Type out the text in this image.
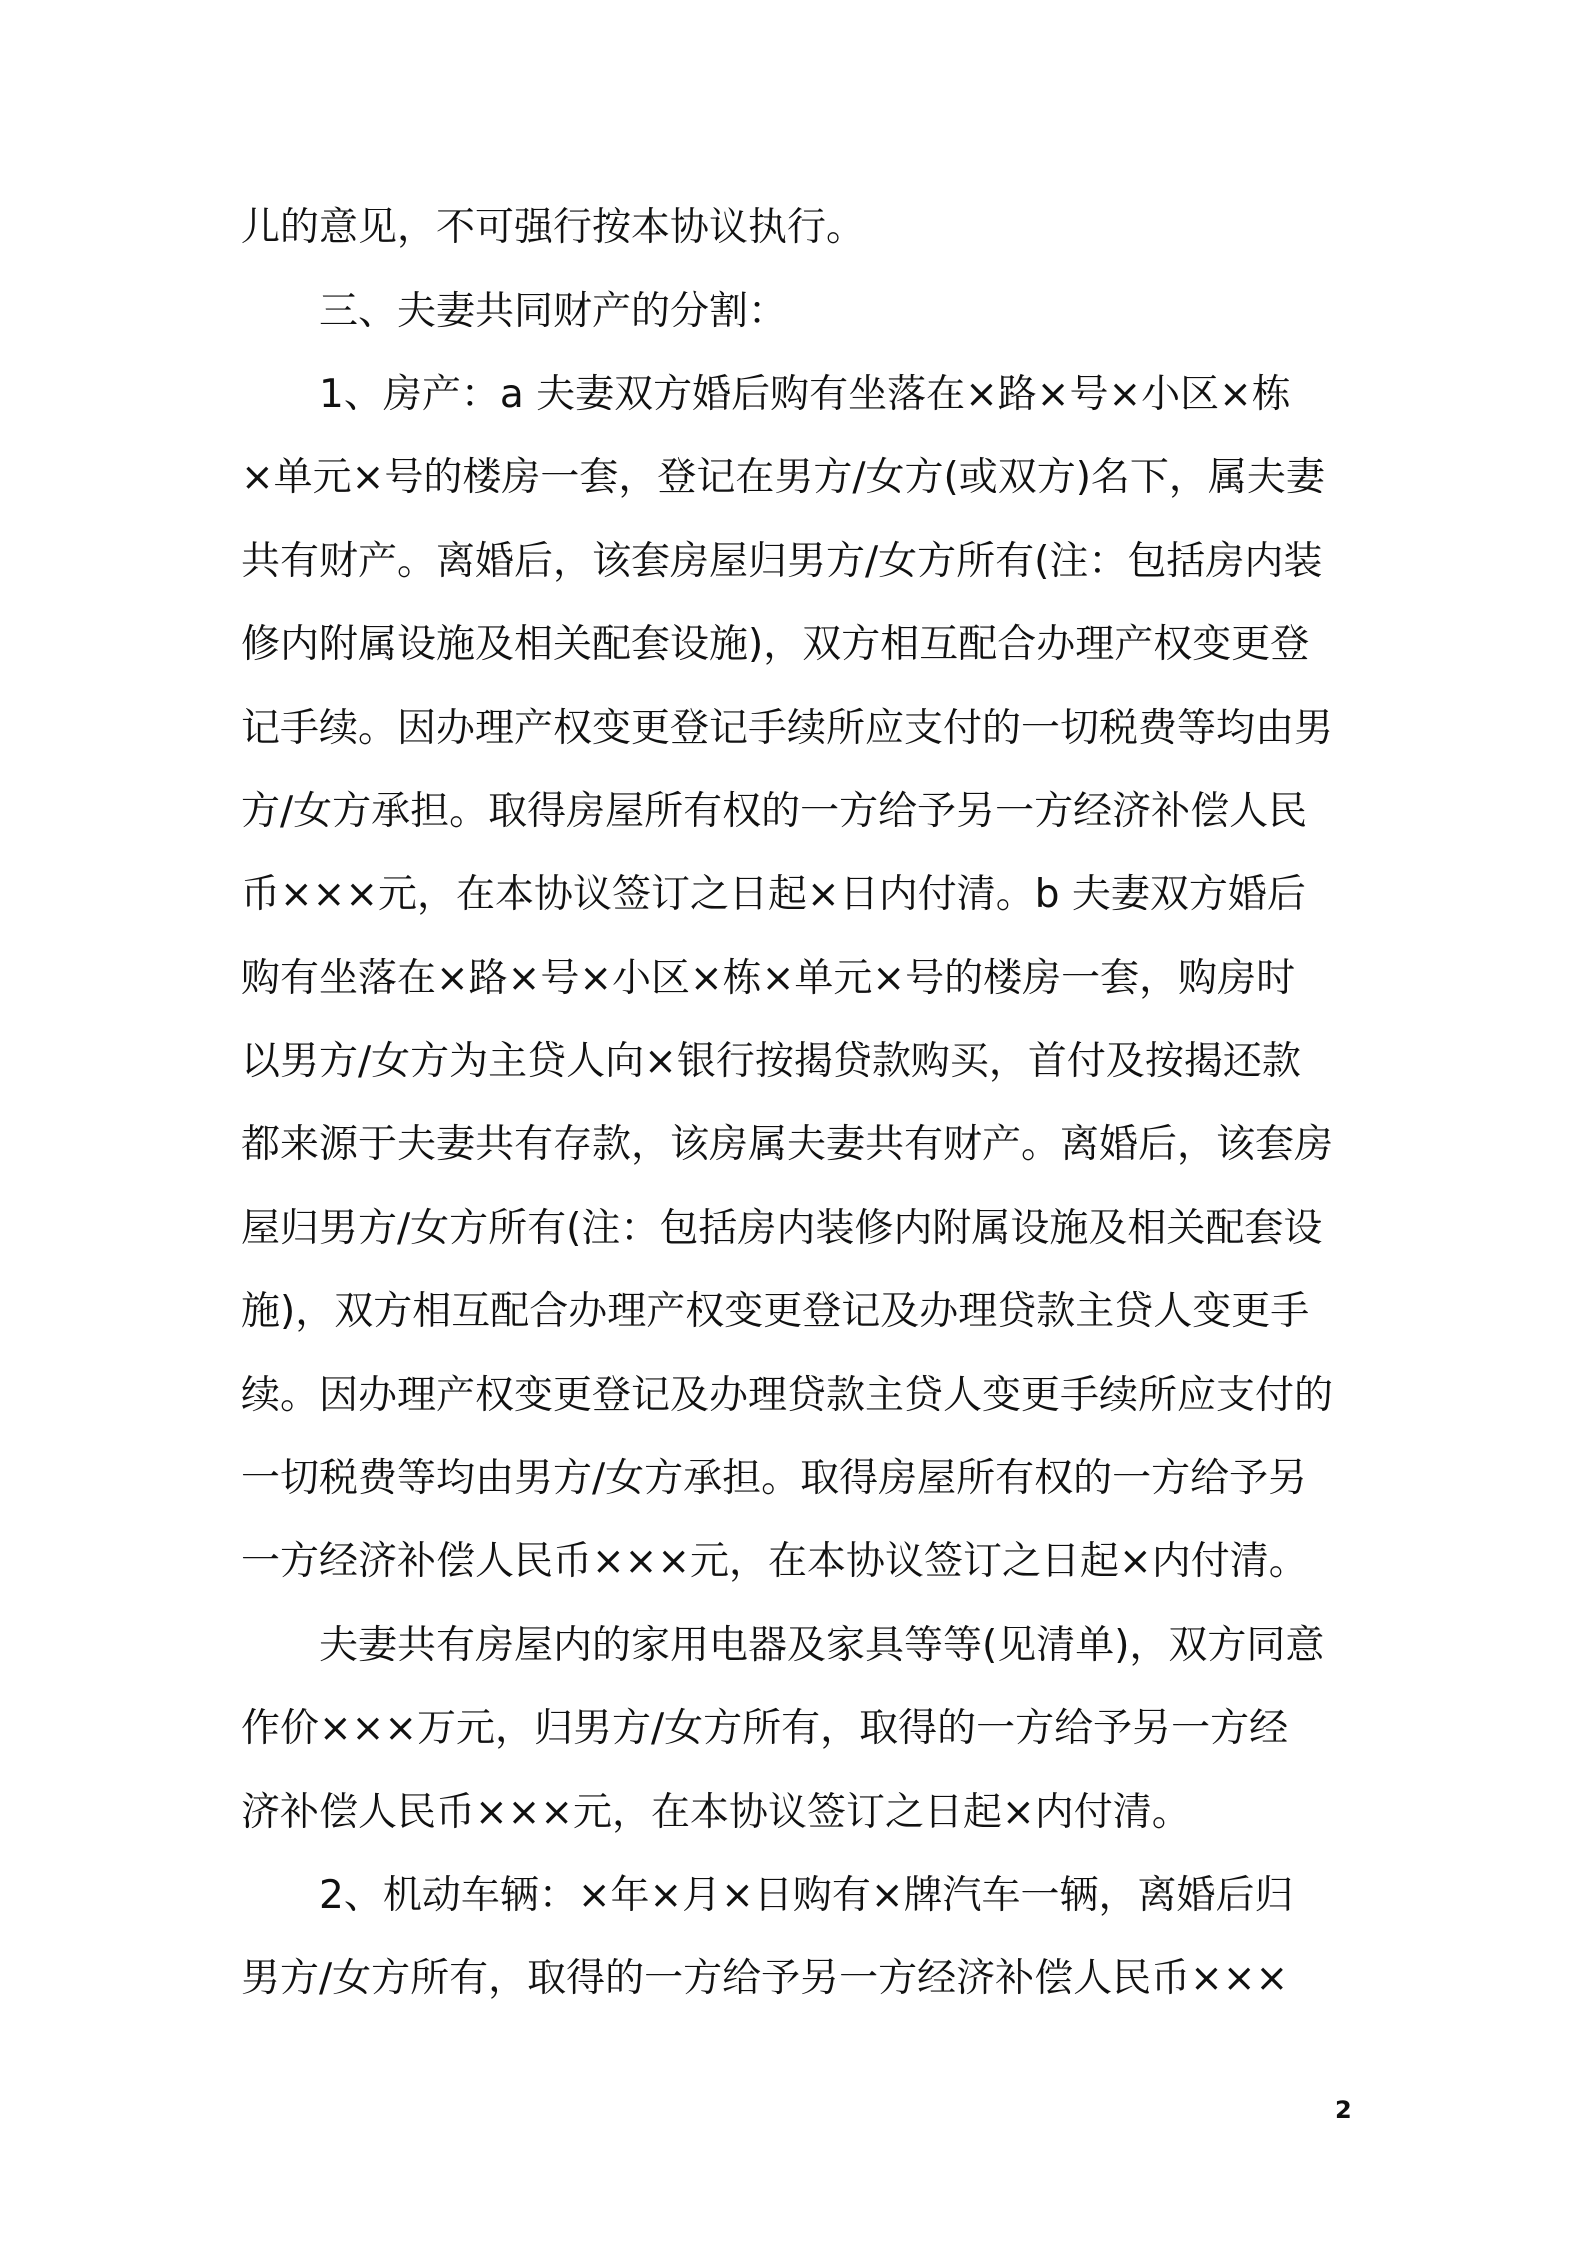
儿的意见，不可强行按本协议执行。
三、夫妻共同财产的分割：
1、房产：a 夫妻双方婚后购有坐落在×路×号×小区×栋
×单元×号的楼房一套，登记在男方/女方(或双方)名下，属夫妻
共有财产。离婚后，该套房屋归男方/女方所有(注：包括房内装
修内附属设施及相关配套设施)，双方相互配合办理产权变更登
记手续。因办理产权变更登记手续所应支付的一切税费等均由男
方/女方承担。取得房屋所有权的一方给予另一方经济补偿人民
币×××元，在本协议签订之日起×日内付清。b 夫妻双方婚后
购有坐落在×路×号×小区×栋×单元×号的楼房一套，购房时
以男方/女方为主贷人向×银行按揭贷款购买，首付及按揭还款
都来源于夫妻共有存款，该房属夫妻共有财产。离婚后，该套房
屋归男方/女方所有(注：包括房内装修内附属设施及相关配套设
施)，双方相互配合办理产权变更登记及办理贷款主贷人变更手
续。因办理产权变更登记及办理贷款主贷人变更手续所应支付的
一切税费等均由男方/女方承担。取得房屋所有权的一方给予另
一方经济补偿人民币×××元，在本协议签订之日起×内付清。
夫妻共有房屋内的家用电器及家具等等(见清单)，双方同意
作价×××万元，归男方/女方所有，取得的一方给予另一方经
济补偿人民币×××元，在本协议签订之日起×内付清。
2、机动车辆：×年×月×日购有×牌汽车一辆，离婚后归
男方/女方所有，取得的一方给予另一方经济补偿人民币×××
2
